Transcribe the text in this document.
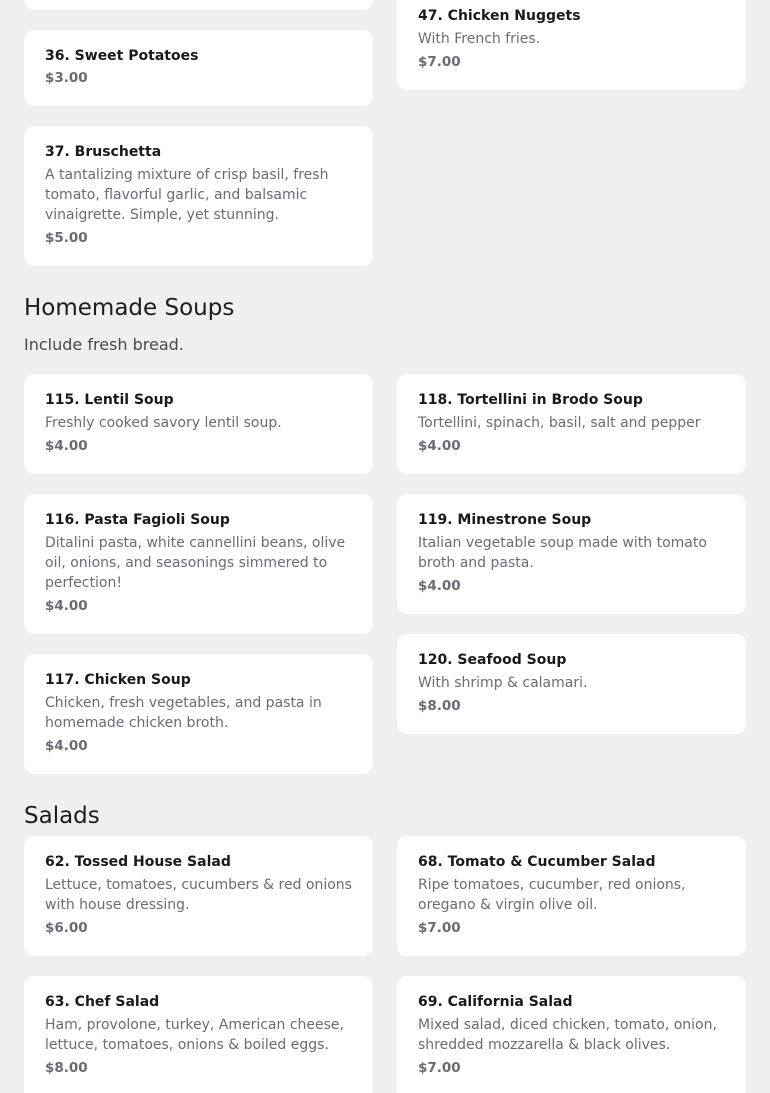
36. Sweet Potatoes
$3.00
37. Bruschetta
A tantalizing mixture of crisp basil, fresh tomato, flavorful garlic, and balsamic vinaigrette. Simple, yet stunning.
$5.00
47. Chicken Nuggets
With French fries.
$7.00
Homemade Soups

Include fresh bread.

115. Lentil Soup
Freshly cooked savory lentil soup.
$4.00
116. Pasta Fagioli Soup
Ditalini pasta, white cannellini beans, olive oil, onions, and seasonings simmered to perfection!
$4.00
117. Chicken Soup
Chicken, fresh vegetables, and pasta in homemade chicken broth.
$4.00
118. Tortellini in Brodo Soup
Tortellini, spinach, basil, salt and pepper
$4.00
119. Minestrone Soup
Italian vegetable soup made with tomato broth and pasta.
$4.00
120. Seafood Soup
With shrimp & calamari.
$8.00
Salads
62. Tossed House Salad
Lettuce, tomatoes, cucumbers & red onions with house dressing.
$6.00
63. Chef Salad
Ham, provolone, turkey, American cheese, lettuce, tomatoes, onions & boiled eggs.
$8.00
68. Tomato & Cucumber Salad
Ripe tomatoes, cucumber, red onions, oregano & virgin olive oil.
$7.00
69. California Salad
Mixed salad, diced chicken, tomato, onion, shredded mozzarella & black olives.
$7.00
